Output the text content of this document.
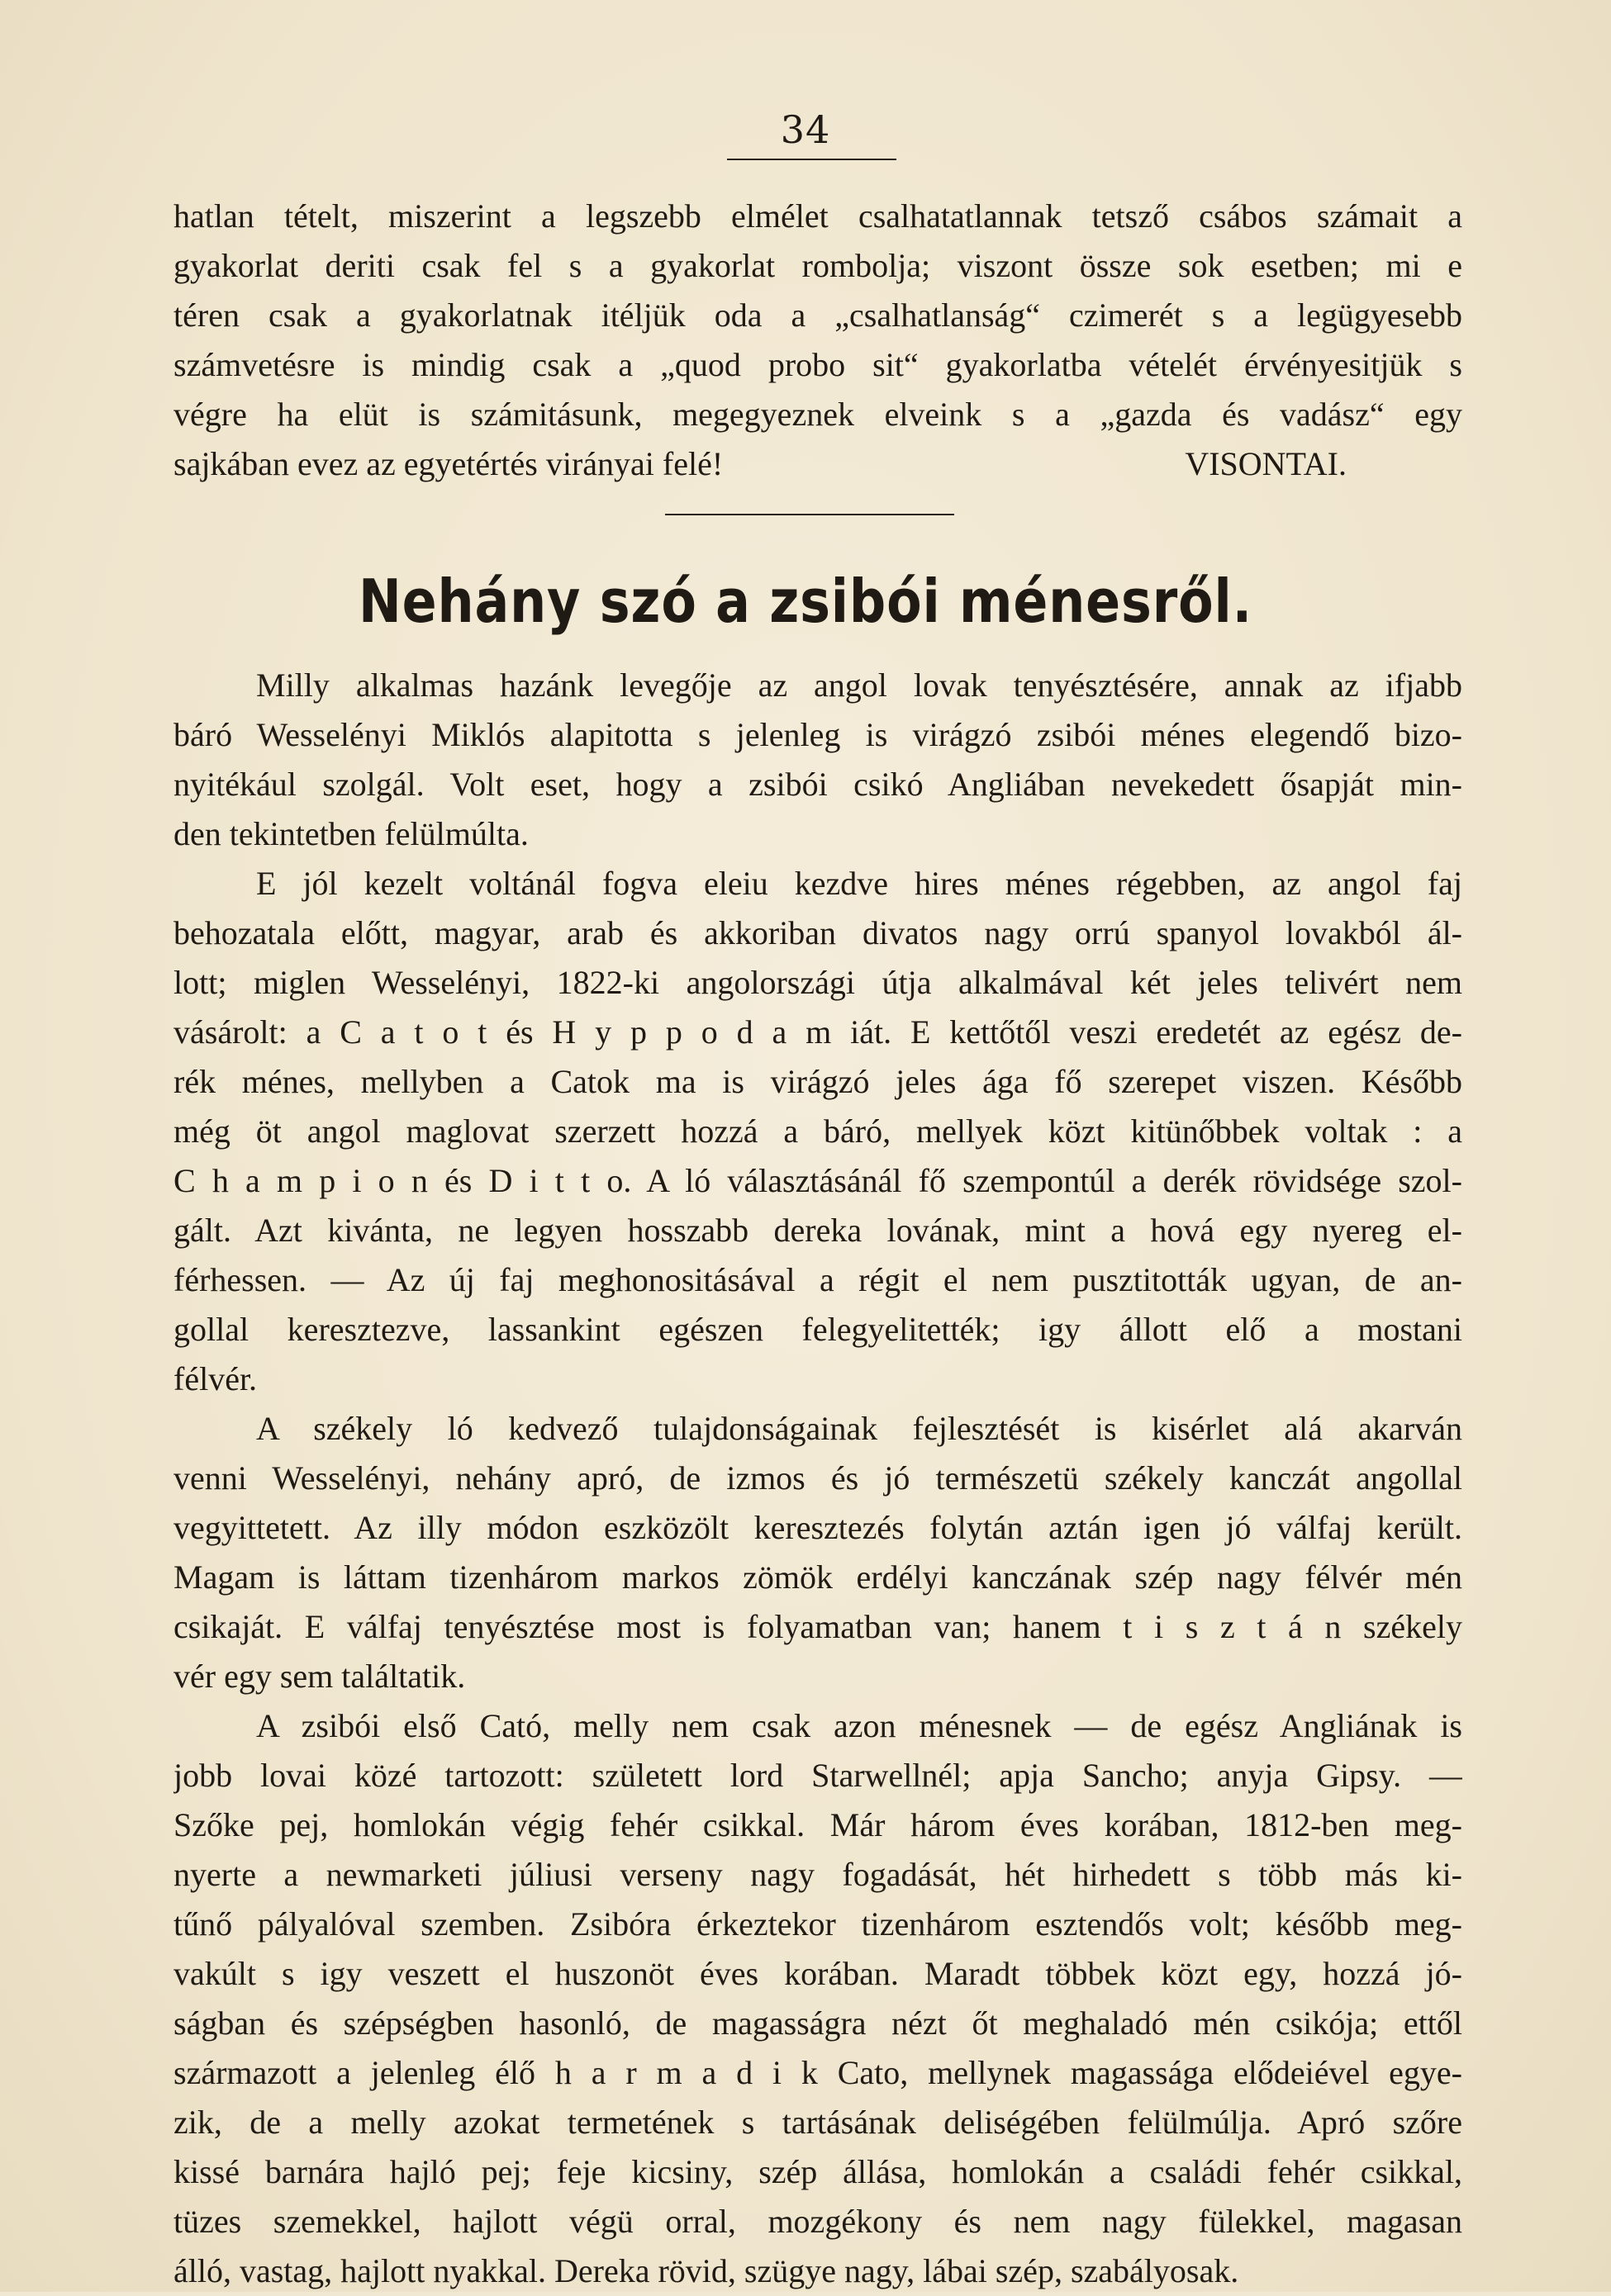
34
hatlan tételt, miszerint a legszebb elmélet csalhatatlannak tetsző csábos számait a
gyakorlat deriti csak fel s a gyakorlat rombolja; viszont össze sok esetben; mi e
téren csak a gyakorlatnak itéljük oda a „csalhatlanság“ czimerét s a legügyesebb
számvetésre is mindig csak a „quod probo sit“ gyakorlatba vételét érvényesitjük s
végre ha elüt is számitásunk, megegyeznek elveink s a „gazda és vadász“ egy
sajkában evez az egyetértés virányai felé!	VISONTAI.
Nehány szó a zsibói ménesről.
Milly alkalmas hazánk levegője az angol lovak tenyésztésére, annak az ifjabb
báró Wesselényi Miklós alapitotta s jelenleg is virágzó zsibói ménes elegendő bizo-
nyitékául szolgál. Volt eset, hogy a zsibói csikó Angliában nevekedett ősapját min-
den tekintetben felülmúlta.
E jól kezelt voltánál fogva eleiu kezdve hires ménes régebben, az angol faj
behozatala előtt, magyar, arab és akkoriban divatos nagy orrú spanyol lovakból ál-
lott; miglen Wesselényi, 1822-ki angolországi útja alkalmával két jeles telivért nem
vásárolt: a C a t o t és H y p p o d a m iát. E kettőtől veszi eredetét az egész de-
rék ménes, mellyben a Catok ma is virágzó jeles ága fő szerepet viszen. Később
még öt angol maglovat szerzett hozzá a báró, mellyek közt kitünőbbek voltak : a
C h a m p i o n és D i t t o. A ló választásánál fő szempontúl a derék rövidsége szol-
gált. Azt kivánta, ne legyen hosszabb dereka lovának, mint a hová egy nyereg el-
férhessen. — Az új faj meghonositásával a régit el nem pusztitották ugyan, de an-
gollal keresztezve, lassankint egészen felegyelitették; igy állott elő a mostani
félvér.
A székely ló kedvező tulajdonságainak fejlesztését is kisérlet alá akarván
venni Wesselényi, nehány apró, de izmos és jó természetü székely kanczát angollal
vegyittetett. Az illy módon eszközölt keresztezés folytán aztán igen jó válfaj került.
Magam is láttam tizenhárom markos zömök erdélyi kanczának szép nagy félvér mén
csikaját. E válfaj tenyésztése most is folyamatban van; hanem t i s z t á n székely
vér egy sem találtatik.
A zsibói első Cató, melly nem csak azon ménesnek — de egész Angliának is
jobb lovai közé tartozott: született lord Starwellnél; apja Sancho; anyja Gipsy. —
Szőke pej, homlokán végig fehér csikkal. Már három éves korában, 1812-ben meg-
nyerte a newmarketi júliusi verseny nagy fogadását, hét hirhedett s több más ki-
tűnő pályalóval szemben. Zsibóra érkeztekor tizenhárom esztendős volt; később meg-
vakúlt s igy veszett el huszonöt éves korában. Maradt többek közt egy, hozzá jó-
ságban és szépségben hasonló, de magasságra nézt őt meghaladó mén csikója; ettől
származott a jelenleg élő h a r m a d i k Cato, mellynek magassága elődeiével egye-
zik, de a melly azokat termetének s tartásának deliségében felülmúlja. Apró szőre
kissé barnára hajló pej; feje kicsiny, szép állása, homlokán a családi fehér csikkal,
tüzes szemekkel, hajlott végü orral, mozgékony és nem nagy fülekkel, magasan
álló, vastag, hajlott nyakkal. Dereka rövid, szügye nagy, lábai szép, szabályosak.
